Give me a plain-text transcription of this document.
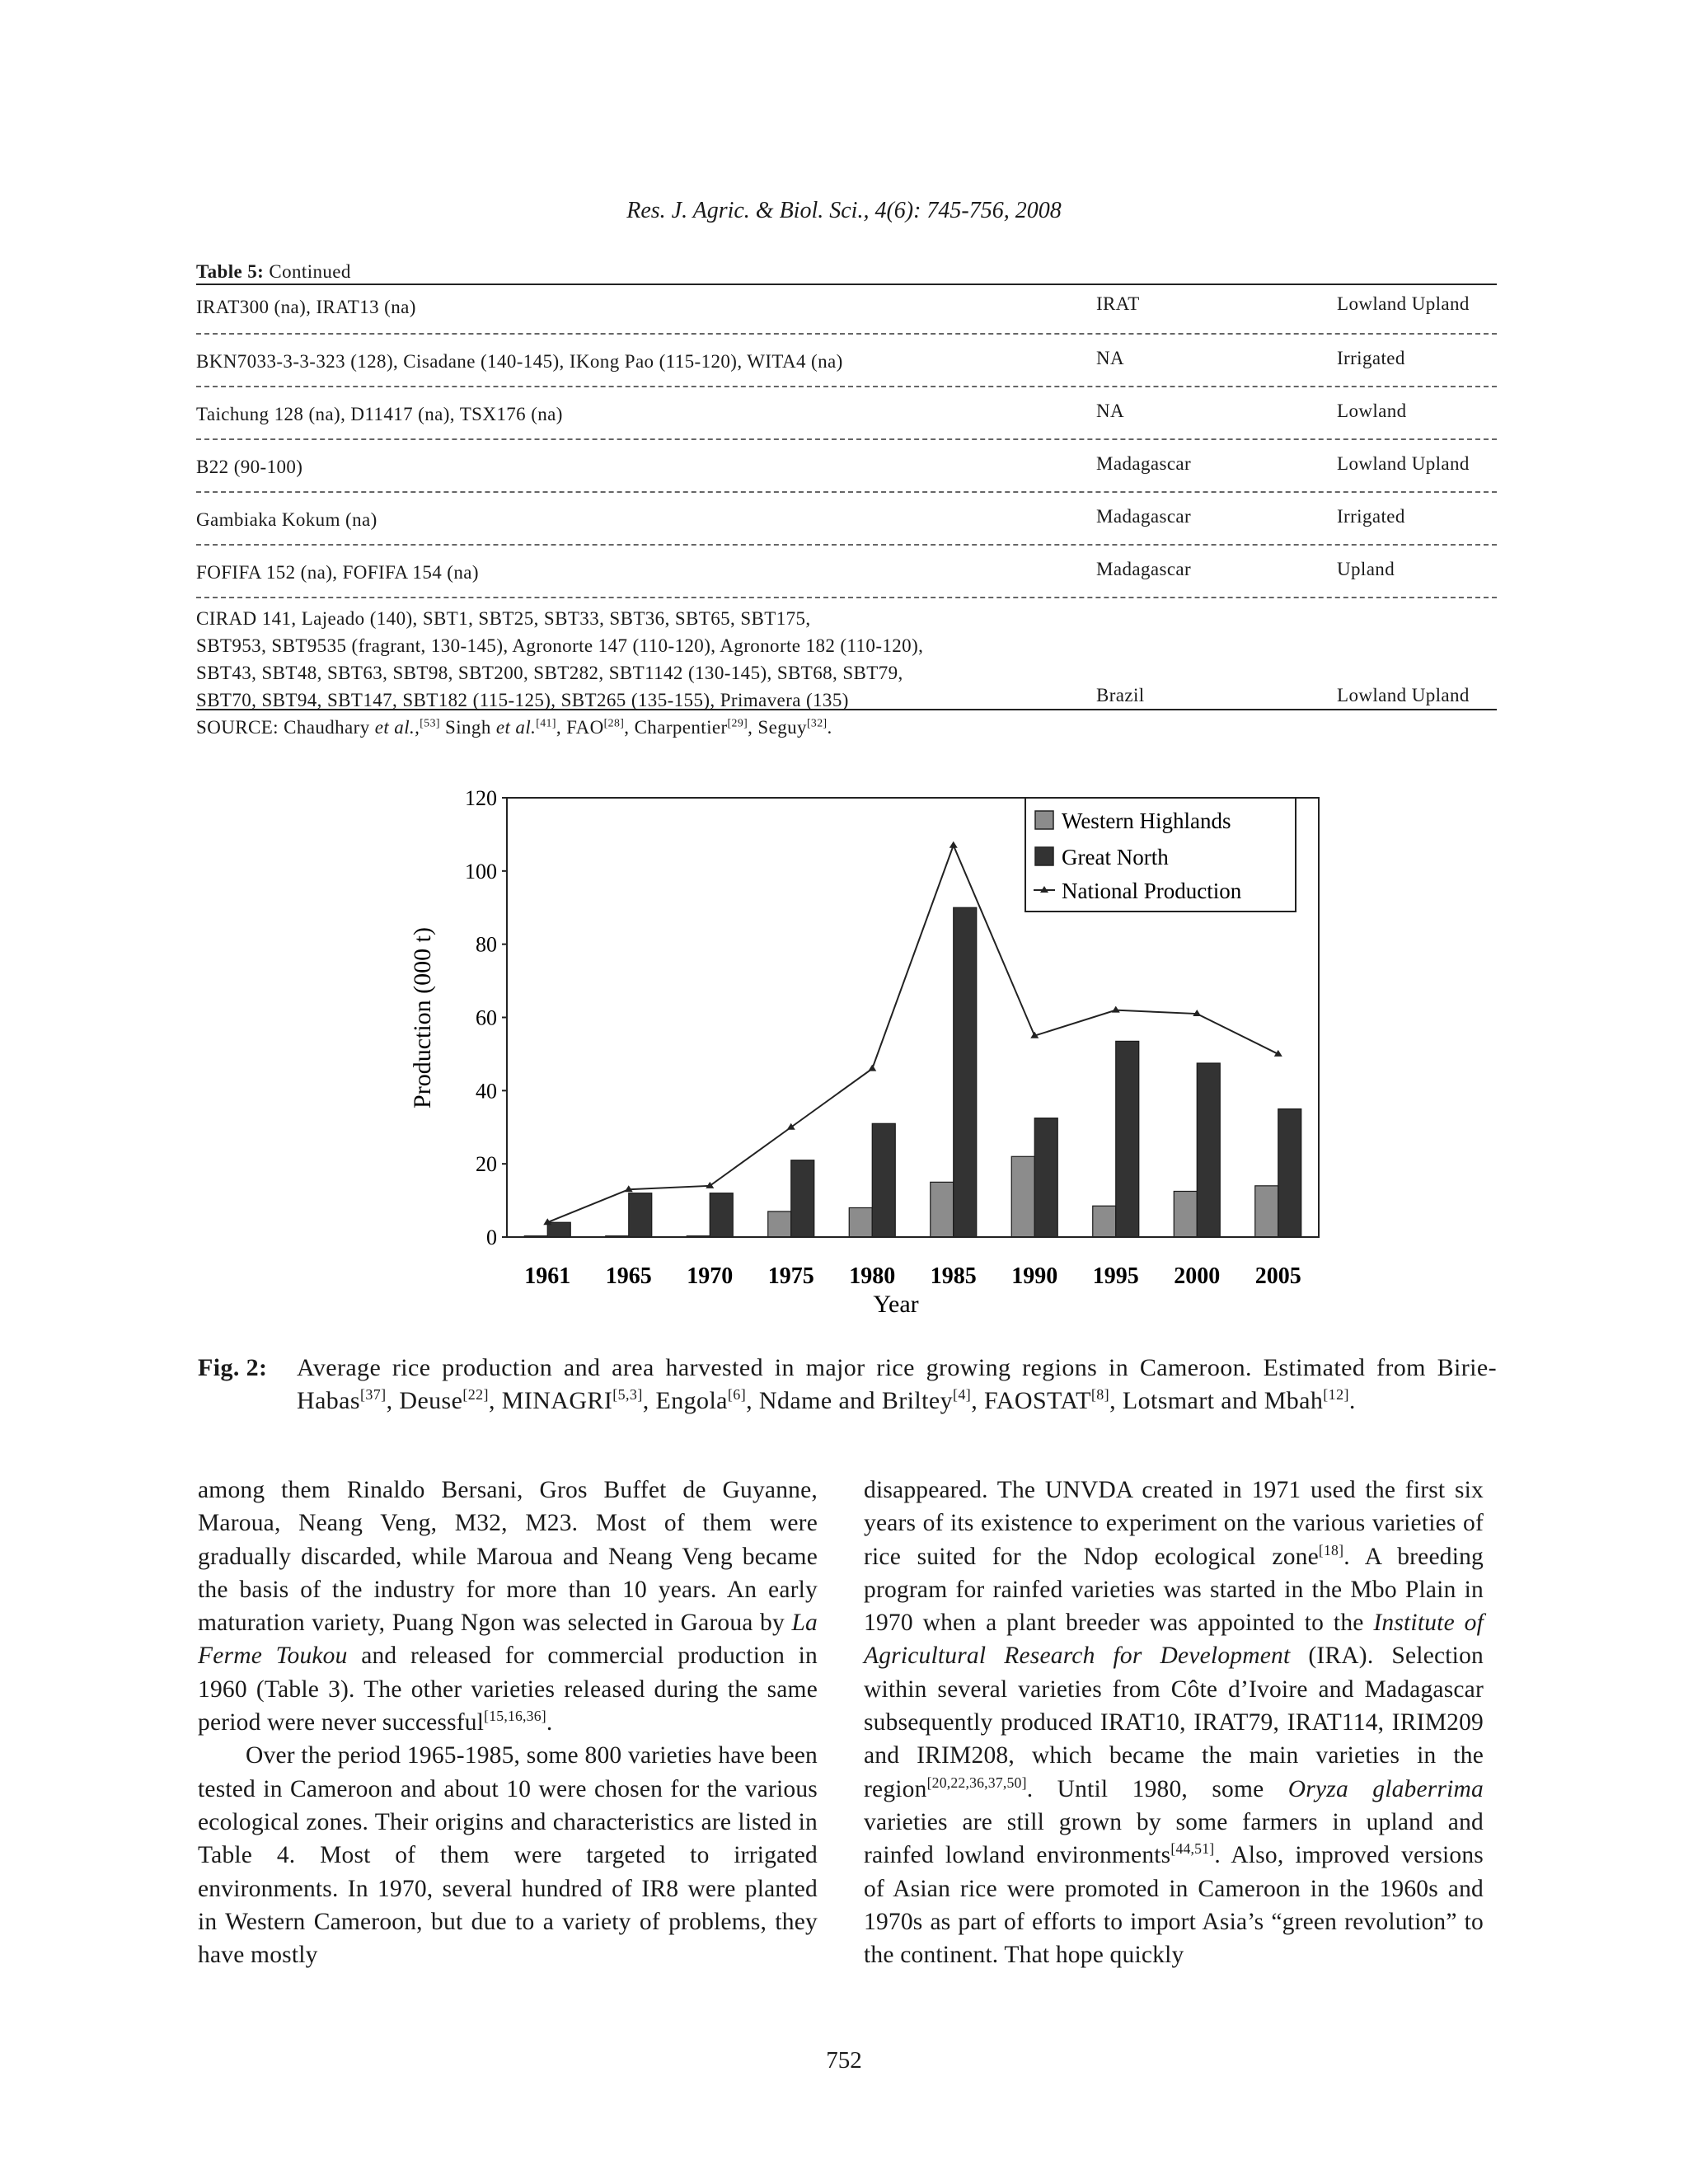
Res. J. Agric. & Biol. Sci., 4(6): 745-756, 2008
Table 5: Continued
IRAT300 (na), IRAT13 (na)	IRAT	Lowland Upland
BKN7033-3-3-323 (128), Cisadane (140-145), IKong Pao (115-120), WITA4 (na)	NA	Irrigated
Taichung 128 (na), D11417 (na), TSX176 (na)	NA	Lowland
B22 (90-100)	Madagascar	Lowland Upland
Gambiaka Kokum (na)	Madagascar	Irrigated
FOFIFA 152 (na), FOFIFA 154 (na)	Madagascar	Upland
CIRAD 141, Lajeado (140), SBT1, SBT25, SBT33, SBT36, SBT65, SBT175,
SBT953, SBT9535 (fragrant, 130-145), Agronorte 147 (110-120), Agronorte 182 (110-120),
SBT43, SBT48, SBT63, SBT98, SBT200, SBT282, SBT1142 (130-145), SBT68, SBT79,
SBT70, SBT94, SBT147, SBT182 (115-125), SBT265 (135-155), Primavera (135)	Brazil	Lowland Upland
SOURCE: Chaudhary et al.,[53] Singh et al.[41], FAO[28], Charpentier[29], Seguy[32].
0
20
40
60
80
100
120
1961 1965 1970 1975 1980 1985 1990 1995 2000 2005
Production (000 t)
Year
Western Highlands
Great North
National Production
Fig. 2: Average rice production and area harvested in major rice growing regions in Cameroon. Estimated from Birie-Habas[37], Deuse[22], MINAGRI[5,3], Engola[6], Ndame and Briltey[4], FAOSTAT[8], Lotsmart and Mbah[12].

among them Rinaldo Bersani, Gros Buffet de Guyanne, Maroua, Neang Veng, M32, M23. Most of them were gradually discarded, while Maroua and Neang Veng became the basis of the industry for more than 10 years. An early maturation variety, Puang Ngon was selected in Garoua by La Ferme Toukou and released for commercial production in 1960 (Table 3). The other varieties released during the same period were never successful[15,16,36].

Over the period 1965-1985, some 800 varieties have been tested in Cameroon and about 10 were chosen for the various ecological zones. Their origins and characteristics are listed in Table 4. Most of them were targeted to irrigated environments. In 1970, several hundred of IR8 were planted in Western Cameroon, but due to a variety of problems, they have mostly

disappeared. The UNVDA created in 1971 used the first six years of its existence to experiment on the various varieties of rice suited for the Ndop ecological zone[18]. A breeding program for rainfed varieties was started in the Mbo Plain in 1970 when a plant breeder was appointed to the Institute of Agricultural Research for Development (IRA). Selection within several varieties from Côte d’Ivoire and Madagascar subsequently produced IRAT10, IRAT79, IRAT114, IRIM209 and IRIM208, which became the main varieties in the region[20,22,36,37,50]. Until 1980, some Oryza glaberrima varieties are still grown by some farmers in upland and rainfed lowland environments[44,51]. Also, improved versions of Asian rice were promoted in Cameroon in the 1960s and 1970s as part of efforts to import Asia’s “green revolution” to the continent. That hope quickly

752
